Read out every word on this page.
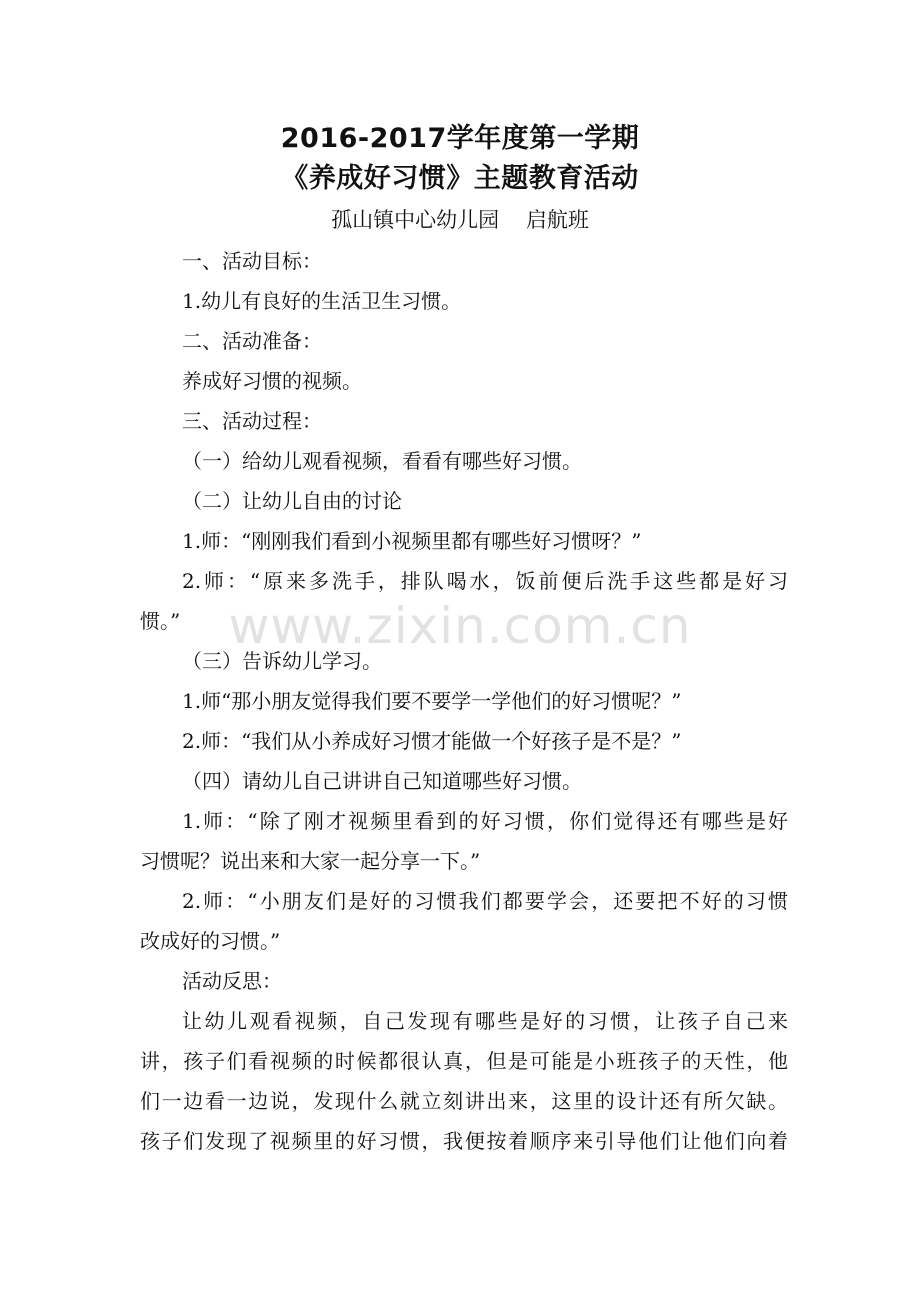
2016-2017学年度第一学期
《养成好习惯》主题教育活动

孤山镇中心幼儿园    启航班

一、活动目标：

1.幼儿有良好的生活卫生习惯。

二、活动准备：

养成好习惯的视频。

三、活动过程：

（一）给幼儿观看视频，看看有哪些好习惯。

（二）让幼儿自由的讨论

1.师：“刚刚我们看到小视频里都有哪些好习惯呀？”

2.师：“原来多洗手，排队喝水，饭前便后洗手这些都是好习

惯。”

（三）告诉幼儿学习。

1.师“那小朋友觉得我们要不要学一学他们的好习惯呢？”

2.师：“我们从小养成好习惯才能做一个好孩子是不是？”

（四）请幼儿自己讲讲自己知道哪些好习惯。

1.师：“除了刚才视频里看到的好习惯，你们觉得还有哪些是好

习惯呢？说出来和大家一起分享一下。”

2.师：“小朋友们是好的习惯我们都要学会，还要把不好的习惯

改成好的习惯。”

活动反思：

让幼儿观看视频，自己发现有哪些是好的习惯，让孩子自己来

讲，孩子们看视频的时候都很认真，但是可能是小班孩子的天性，他

们一边看一边说，发现什么就立刻讲出来，这里的设计还有所欠缺。

孩子们发现了视频里的好习惯，我便按着顺序来引导他们让他们向着

www.zixin.com.cn
